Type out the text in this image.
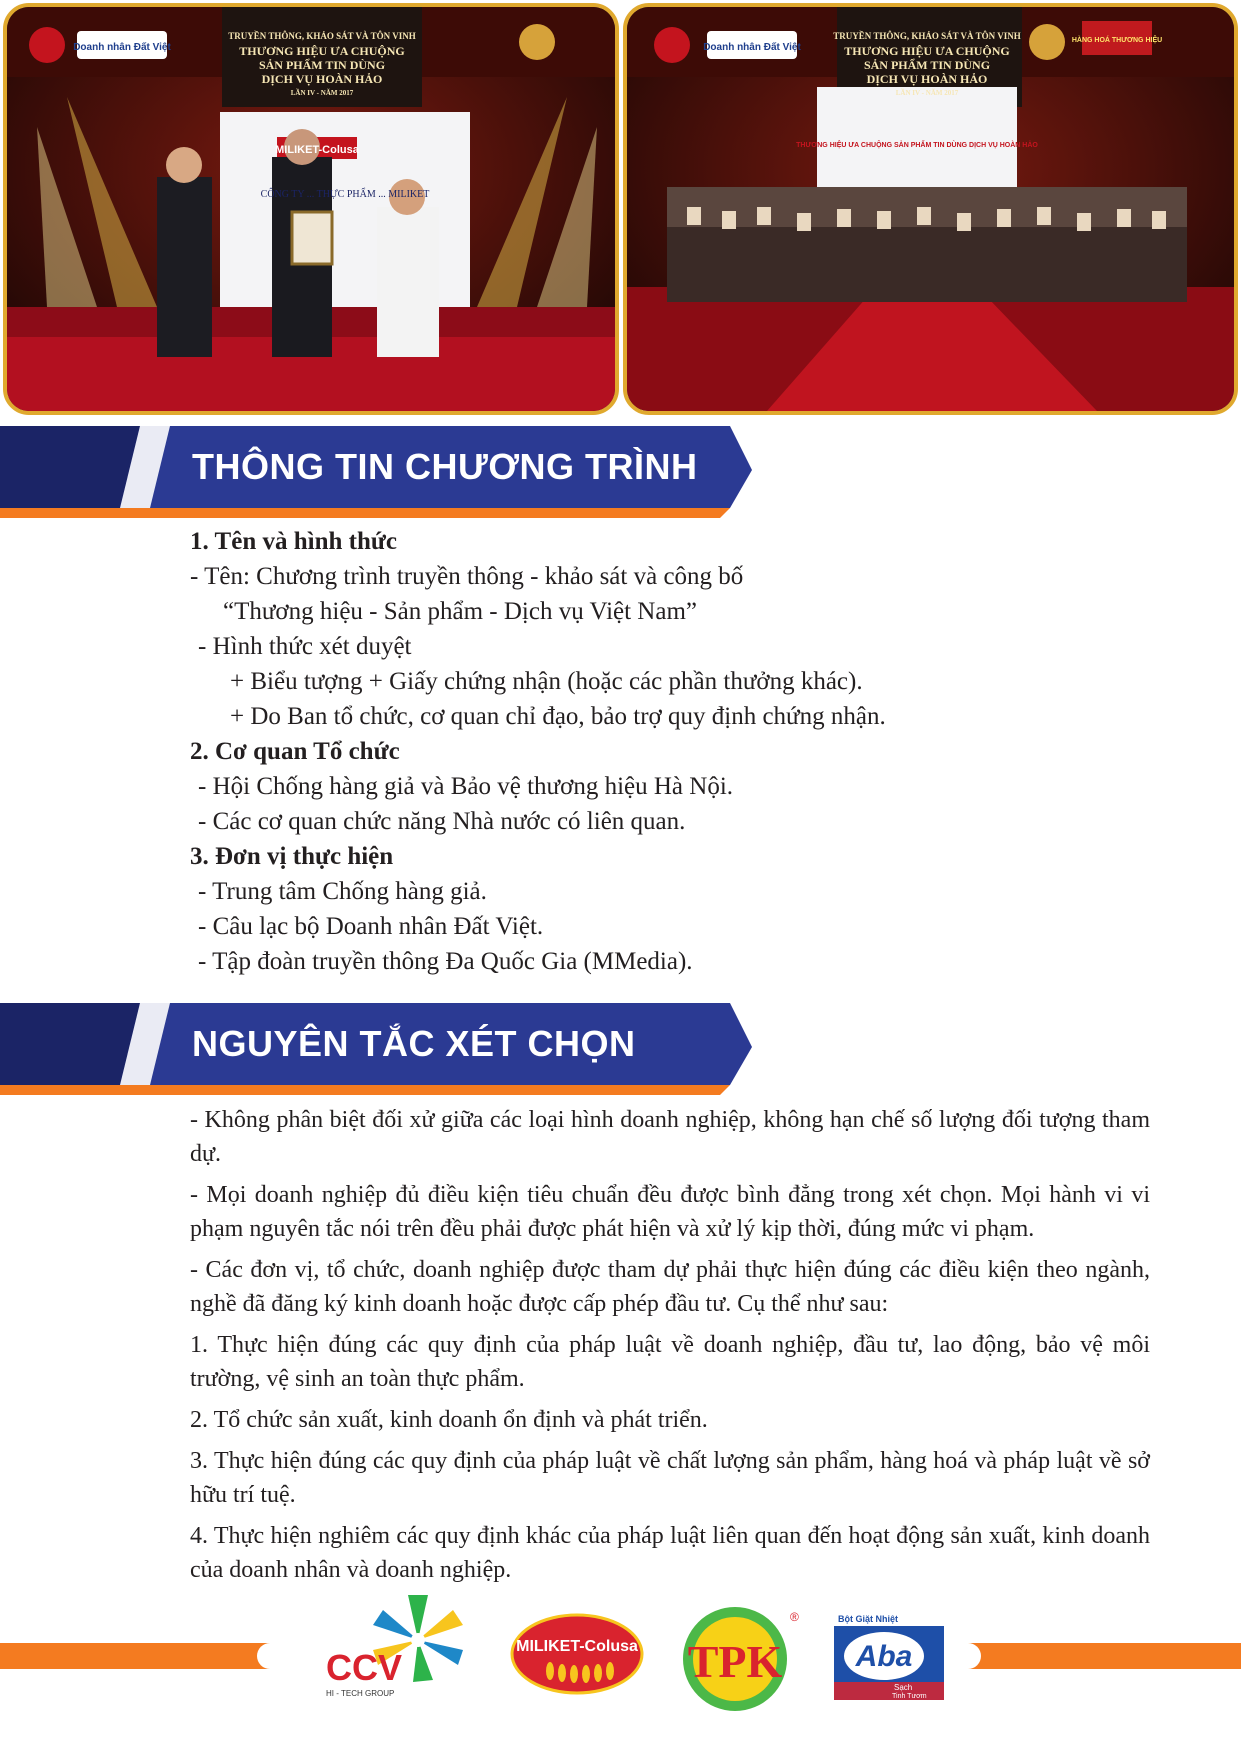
TRUYỀN THÔNG, KHẢO SÁT VÀ TÔN VINH
THƯƠNG HIỆU ƯA CHUỘNG
SẢN PHẨM TIN DÙNG
DỊCH VỤ HOÀN HẢO
LẦN IV - NĂM 2017
Doanh nhân Đất Việt
MILIKET-Colusa
CÔNG TY ... THỰC PHẨM ... MILIKET
TRUYỀN THÔNG, KHẢO SÁT VÀ TÔN VINH
THƯƠNG HIỆU ƯA CHUỘNG
SẢN PHẨM TIN DÙNG
DỊCH VỤ HOÀN HẢO
LẦN IV - NĂM 2017
Doanh nhân Đất Việt
HÀNG HOÁ THƯƠNG HIỆU
THƯƠNG HIỆU ƯA CHUỘNG SẢN PHẨM TIN DÙNG DỊCH VỤ HOÀN HẢO
THÔNG TIN CHƯƠNG TRÌNH

1. Tên và hình thức

- Tên: Chương trình truyền thông - khảo sát và công bố

“Thương hiệu - Sản phẩm - Dịch vụ Việt Nam”

- Hình thức xét duyệt

+ Biểu tượng + Giấy chứng nhận (hoặc các phần thưởng khác).

+ Do Ban tổ chức, cơ quan chỉ đạo, bảo trợ quy định chứng nhận.

2. Cơ quan Tổ chức

- Hội Chống hàng giả và Bảo vệ thương hiệu Hà Nội.

- Các cơ quan chức năng Nhà nước có liên quan.

3. Đơn vị thực hiện

- Trung tâm Chống hàng giả.

- Câu lạc bộ Doanh nhân Đất Việt.

- Tập đoàn truyền thông Đa Quốc Gia (MMedia).

NGUYÊN TẮC XÉT CHỌN

- Không phân biệt đối xử giữa các loại hình doanh nghiệp, không hạn chế số lượng đối tượng tham dự.

- Mọi doanh nghiệp đủ điều kiện tiêu chuẩn đều được bình đẳng trong xét chọn. Mọi hành vi vi phạm nguyên tắc nói trên đều phải được phát hiện và xử lý kịp thời, đúng mức vi phạm.

- Các đơn vị, tổ chức, doanh nghiệp được tham dự phải thực hiện đúng các điều kiện theo ngành, nghề đã đăng ký kinh doanh hoặc được cấp phép đầu tư. Cụ thể như sau:

1. Thực hiện đúng các quy định của pháp luật về doanh nghiệp, đầu tư, lao động, bảo vệ môi trường, vệ sinh an toàn thực phẩm.

2. Tổ chức sản xuất, kinh doanh ổn định và phát triển.

3. Thực hiện đúng các quy định của pháp luật về chất lượng sản phẩm, hàng hoá và pháp luật về sở hữu trí tuệ.

4. Thực hiện nghiêm các quy định khác của pháp luật liên quan đến hoạt động sản xuất, kinh doanh của doanh nhân và doanh nghiệp.

CCV
HI - TECH GROUP
MILIKET-Colusa TPK
®	Bột Giặt Nhiệt
Aba
Sạch
Tinh Tươm
